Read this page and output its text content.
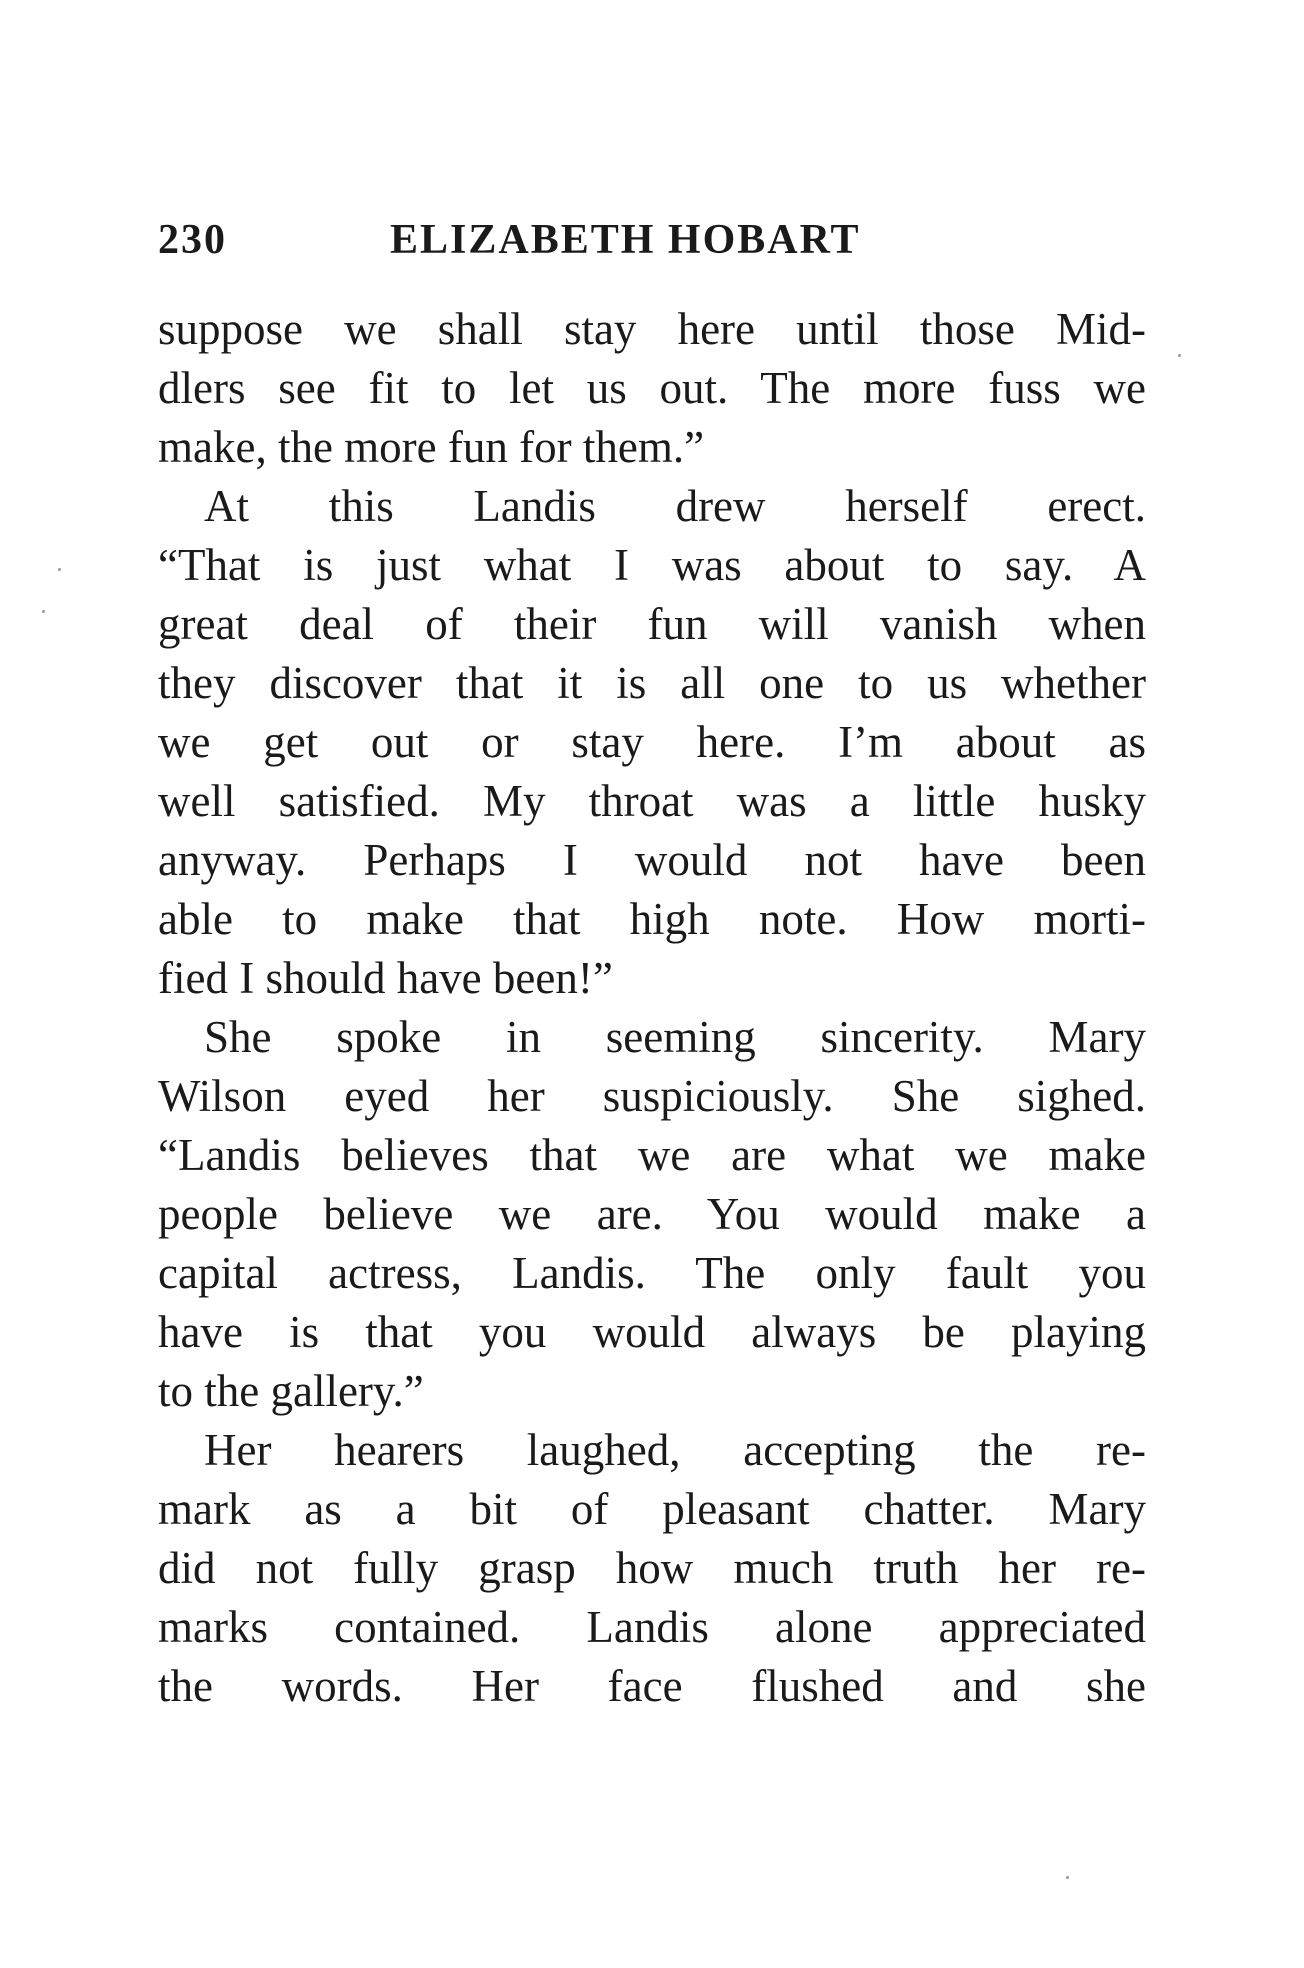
230	ELIZABETH HOBART
suppose we shall stay here until those Mid-
dlers see fit to let us out. The more fuss we
make, the more fun for them.”
At this Landis drew herself erect.
“That is just what I was about to say. A
great deal of their fun will vanish when
they discover that it is all one to us whether
we get out or stay here. I’m about as
well satisfied. My throat was a little husky
anyway. Perhaps I would not have been
able to make that high note. How morti-
fied I should have been!”
She spoke in seeming sincerity. Mary
Wilson eyed her suspiciously. She sighed.
“Landis believes that we are what we make
people believe we are. You would make a
capital actress, Landis. The only fault you
have is that you would always be playing
to the gallery.”
Her hearers laughed, accepting the re-
mark as a bit of pleasant chatter. Mary
did not fully grasp how much truth her re-
marks contained. Landis alone appreciated
the words. Her face flushed and she
